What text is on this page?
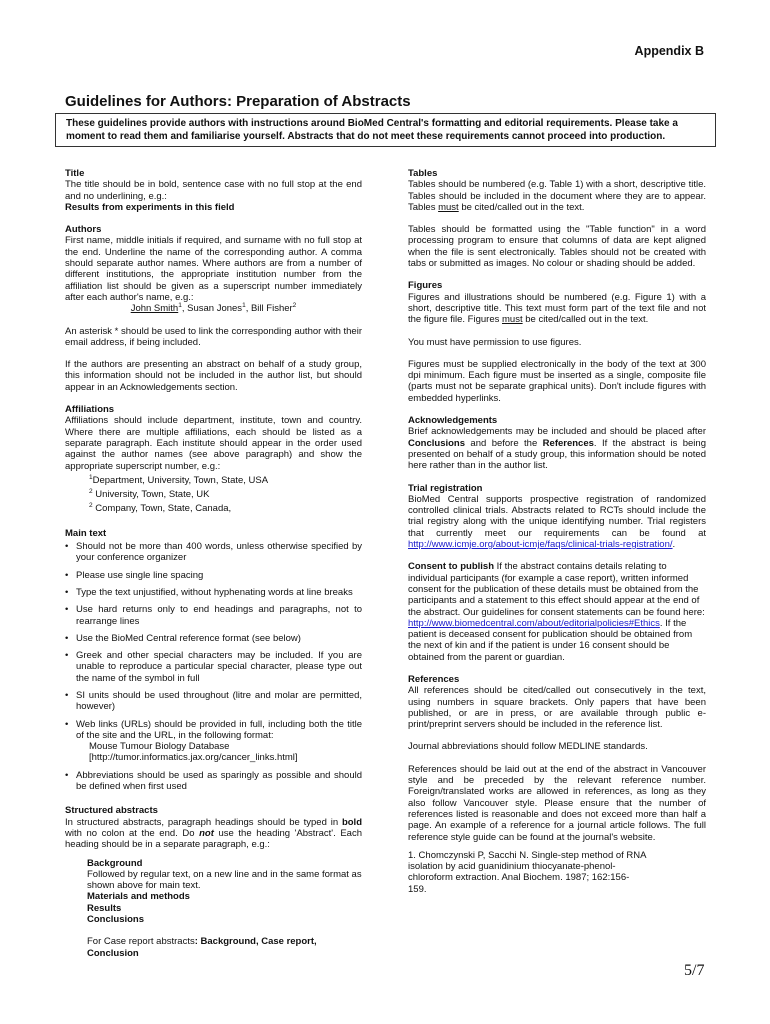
Appendix B
Guidelines for Authors: Preparation of Abstracts
These guidelines provide authors with instructions around BioMed Central's formatting and editorial requirements. Please take a moment to read them and familiarise yourself. Abstracts that do not meet these requirements cannot proceed into production.

Title

The title should be in bold, sentence case with no full stop at the end and no underlining, e.g.:

Results from experiments in this field

Authors

First name, middle initials if required, and surname with no full stop at the end. Underline the name of the corresponding author. A comma should separate author names. Where authors are from a number of different institutions, the appropriate institution number from the affiliation list should be given as a superscript number immediately after each author's name, e.g.:

John Smith$^1$, Susan Jones$^1$, Bill Fisher$^2$

An asterisk * should be used to link the corresponding author with their email address, if being included.

If the authors are presenting an abstract on behalf of a study group, this information should not be included in the author list, but should appear in an Acknowledgements section.

Affiliations

Affiliations should include department, institute, town and country. Where there are multiple affiliations, each should be listed as a separate paragraph. Each institute should appear in the order used against the author names (see above paragraph) and show the appropriate superscript number, e.g.:

$^1$Department, University, Town, State, USA
$^2$ University, Town, State, UK
$^2$ Company, Town, State, Canada,

Main text

• Should not be more than 400 words, unless otherwise specified by your conference organizer
• Please use single line spacing
• Type the text unjustified, without hyphenating words at line breaks
• Use hard returns only to end headings and paragraphs, not to rearrange lines
• Use the BioMed Central reference format (see below)
• Greek and other special characters may be included. If you are unable to reproduce a particular special character, please type out the name of the symbol in full
• SI units should be used throughout (litre and molar are permitted, however)
• Web links (URLs) should be provided in full, including both the title of the site and the URL, in the following format:
Mouse Tumour Biology Database
[http://tumor.informatics.jax.org/cancer_links.html]
• Abbreviations should be used as sparingly as possible and should be defined when first used

Structured abstracts

In structured abstracts, paragraph headings should be typed in bold with no colon at the end. Do not use the heading 'Abstract'. Each heading should be in a separate paragraph, e.g.:

Background

Followed by regular text, on a new line and in the same format as shown above for main text.

Materials and methods

Results

Conclusions

For Case report abstracts: Background, Case report, Conclusion

Tables

Tables should be numbered (e.g. Table 1) with a short, descriptive title. Tables should be included in the document where they are to appear. Tables must be cited/called out in the text.

Tables should be formatted using the "Table function" in a word processing program to ensure that columns of data are kept aligned when the file is sent electronically. Tables should not be created with tabs or submitted as images. No colour or shading should be added.

Figures

Figures and illustrations should be numbered (e.g. Figure 1) with a short, descriptive title. This text must form part of the text file and not the figure file. Figures must be cited/called out in the text.

You must have permission to use figures.

Figures must be supplied electronically in the body of the text at 300 dpi minimum. Each figure must be inserted as a single, composite file (parts must not be separate graphical units). Don't include figures with embedded hyperlinks.

Acknowledgements

Brief acknowledgements may be included and should be placed after Conclusions and before the References. If the abstract is being presented on behalf of a study group, this information should be noted here rather than in the author list.

Trial registration

BioMed Central supports prospective registration of randomized controlled clinical trials. Abstracts related to RCTs should include the trial registry along with the unique identifying number. Trial registers that currently meet our requirements can be found at http://www.icmje.org/about-icmje/faqs/clinical-trials-registration/.

Consent to publish If the abstract contains details relating to individual participants (for example a case report), written informed consent for the publication of these details must be obtained from the participants and a statement to this effect should appear at the end of the abstract. Our guidelines for consent statements can be found here:
http://www.biomedcentral.com/about/editorialpolicies#Ethics. If the patient is deceased consent for publication should be obtained from the next of kin and if the patient is under 16 consent should be obtained from the parent or guardian.

References

All references should be cited/called out consecutively in the text, using numbers in square brackets. Only papers that have been published, or are in press, or are available through public e-print/preprint servers should be included in the reference list.

Journal abbreviations should follow MEDLINE standards.

References should be laid out at the end of the abstract in Vancouver style and be preceded by the relevant reference number. Foreign/translated works are allowed in references, as long as they also follow Vancouver style. Please ensure that the number of references listed is reasonable and does not exceed more than half a page. An example of a reference for a journal article follows. The full reference style guide can be found at the journal's website.

1. Chomczynski P, Sacchi N. Single-step method of RNA isolation by acid guanidinium thiocyanate-phenol-chloroform extraction. Anal Biochem. 1987; 162:156-159.

5/7
